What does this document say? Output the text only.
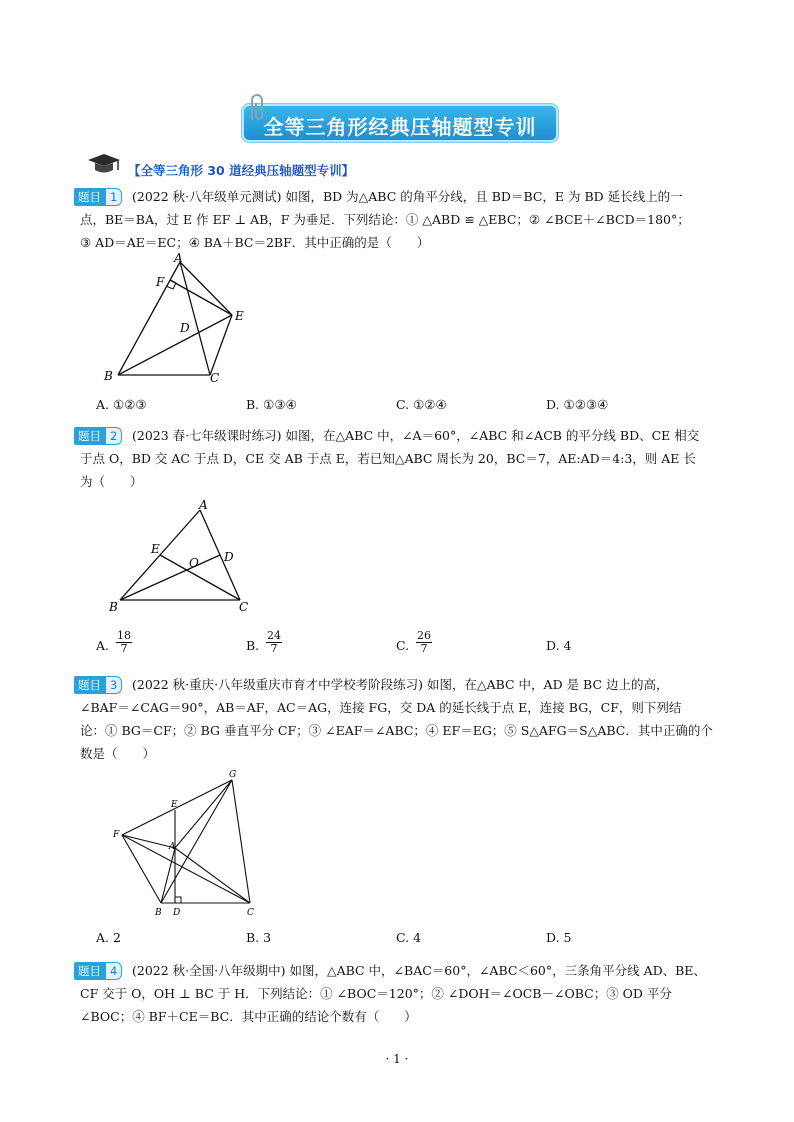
全等三角形经典压轴题型专训
【全等三角形 30 道经典压轴题型专训】
题目 1	(2022 秋·八年级单元测试) 如图，BD 为△ABC 的角平分线，且 BD＝BC，E 为 BD 延长线上的一
点，BE＝BA，过 E 作 EF ⊥ AB，F 为垂足．下列结论：① △ABD ≌ △EBC；② ∠BCE＋∠BCD＝180°；
③ AD＝AE＝EC；④ BA＋BC＝2BF．其中正确的是（　　）
A
F
E
D
B	C
A. ①②③	B. ①③④	C. ①②④	D. ①②③④
题目 2	(2023 春·七年级课时练习) 如图，在△ABC 中，∠A＝60°，∠ABC 和∠ACB 的平分线 BD、CE 相交
于点 O，BD 交 AC 于点 D，CE 交 AB 于点 E，若已知△ABC 周长为 20，BC＝7，AE:AD＝4:3，则 AE 长
为（　　）
A
E
O D
B	C
A. $\frac{18}{7}$	B. $\frac{24}{7}$	C. $\frac{26}{7}$	D. 4
题目 3	(2022 秋·重庆·八年级重庆市育才中学校考阶段练习) 如图，在△ABC 中，AD 是 BC 边上的高，
∠BAF＝∠CAG＝90°，AB＝AF，AC＝AG，连接 FG，交 DA 的延长线于点 E，连接 BG，CF，则下列结
论：① BG＝CF；② BG 垂直平分 CF；③ ∠EAF＝∠ABC；④ EF＝EG；⑤ S△AFG＝S△ABC．其中正确的个
数是（　　）
G
E
F
A
B D	C
A. 2	B. 3	C. 4	D. 5
题目 4	(2022 秋·全国·八年级期中) 如图，△ABC 中，∠BAC＝60°，∠ABC＜60°，三条角平分线 AD、BE、
CF 交于 O，OH ⊥ BC 于 H．下列结论：① ∠BOC＝120°；② ∠DOH＝∠OCB－∠OBC；③ OD 平分
∠BOC；④ BF＋CE＝BC．其中正确的结论个数有（　　）
· 1 ·
